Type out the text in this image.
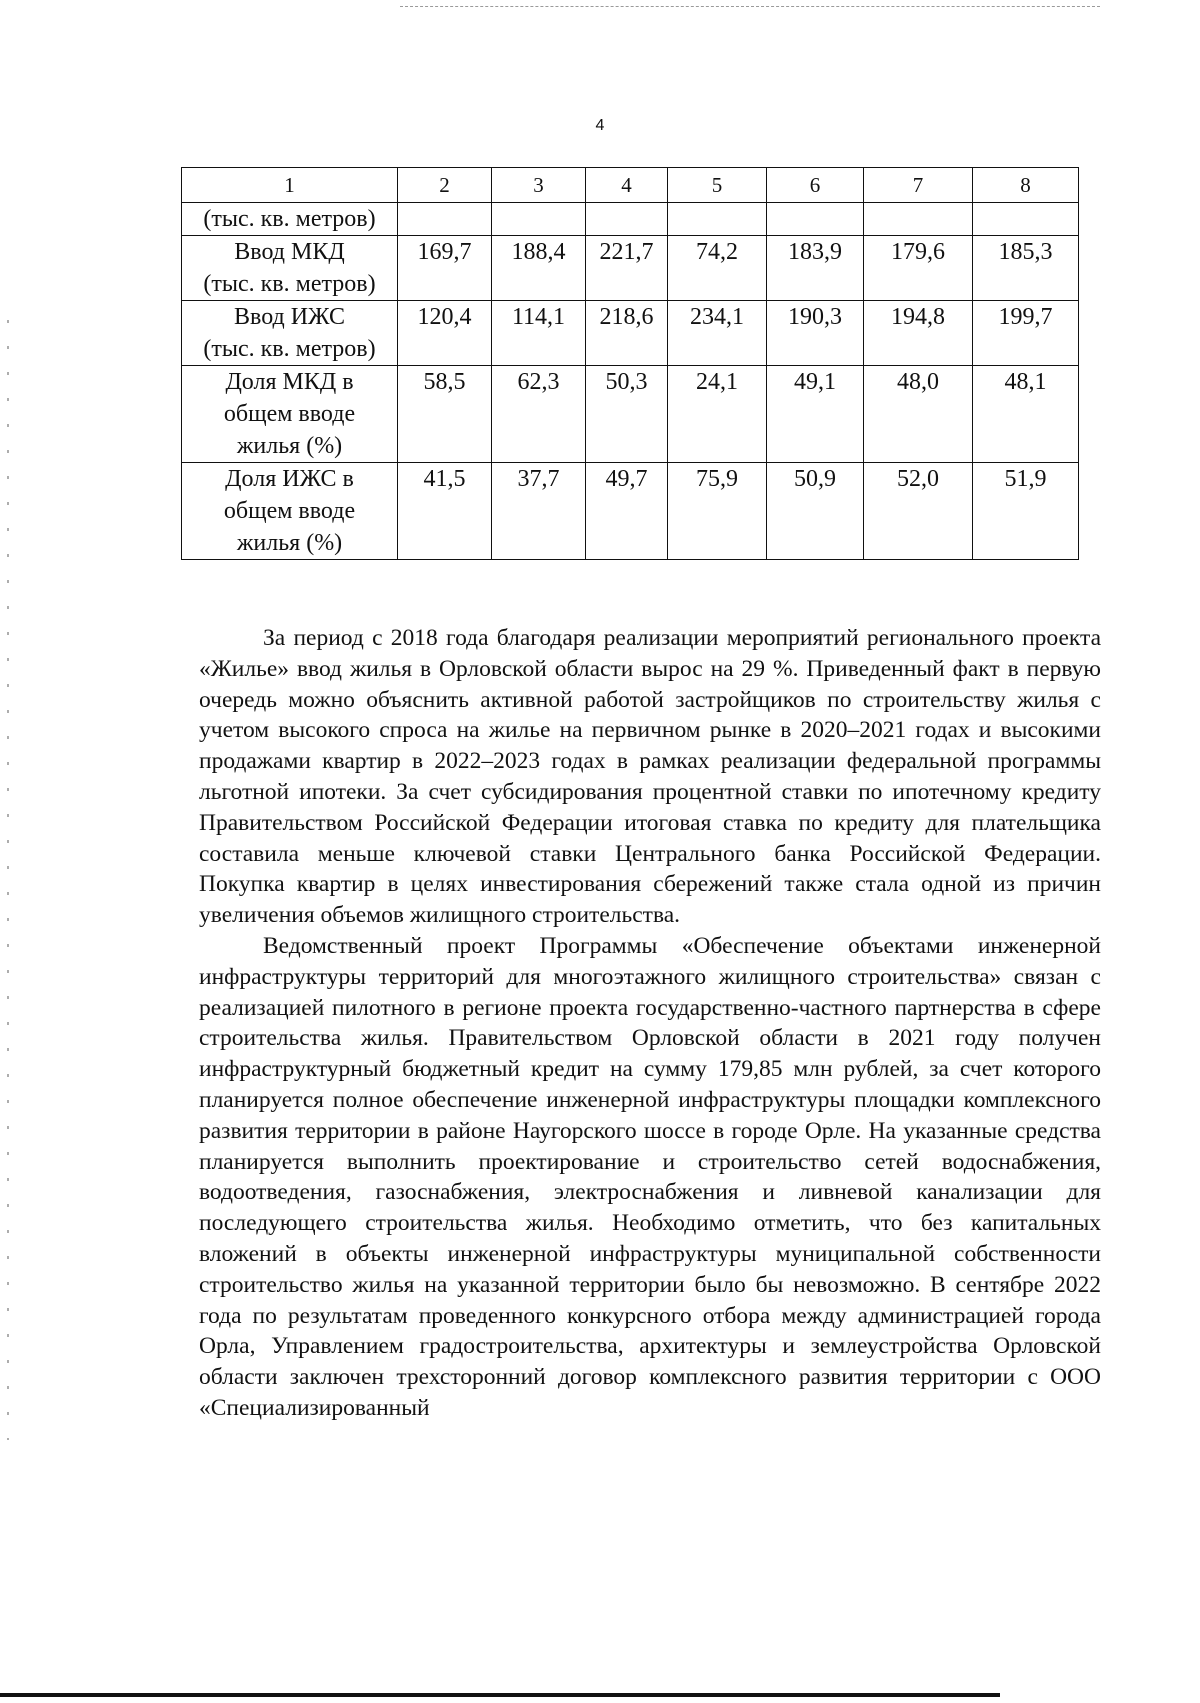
4
1	2	3	4	5	6	7	8
(тыс. кв. метров)							
Ввод МКД
(тыс. кв. метров)	169,7	188,4	221,7	74,2	183,9	179,6	185,3
Ввод ИЖС
(тыс. кв. метров)	120,4	114,1	218,6	234,1	190,3	194,8	199,7
Доля МКД в
общем вводе
жилья (%)	58,5	62,3	50,3	24,1	49,1	48,0	48,1
Доля ИЖС в
общем вводе
жилья (%)	41,5	37,7	49,7	75,9	50,9	52,0	51,9

За период с 2018 года благодаря реализации мероприятий регионального проекта «Жилье» ввод жилья в Орловской области вырос на 29 %. Приведенный факт в первую очередь можно объяснить активной работой застройщиков по строительству жилья с учетом высокого спроса на жилье на первичном рынке в 2020–2021 годах и высокими продажами квартир в 2022–2023 годах в рамках реализации федеральной программы льготной ипотеки. За счет субсидирования процентной ставки по ипотечному кредиту Правительством Российской Федерации итоговая ставка по кредиту для плательщика составила меньше ключевой ставки Центрального банка Российской Федерации. Покупка квартир в целях инвестирования сбережений также стала одной из причин увеличения объемов жилищного строительства.

Ведомственный проект Программы «Обеспечение объектами инженерной инфраструктуры территорий для многоэтажного жилищного строительства» связан с реализацией пилотного в регионе проекта государственно-частного партнерства в сфере строительства жилья. Правительством Орловской области в 2021 году получен инфраструктурный бюджетный кредит на сумму 179,85 млн рублей, за счет которого планируется полное обеспечение инженерной инфраструктуры площадки комплексного развития территории в районе Наугорского шоссе в городе Орле. На указанные средства планируется выполнить проектирование и строительство сетей водоснабжения, водоотведения, газоснабжения, электроснабжения и ливневой канализации для последующего строительства жилья. Необходимо отметить, что без капитальных вложений в объекты инженерной инфраструктуры муниципальной собственности строительство жилья на указанной территории было бы невозможно. В сентябре 2022 года по результатам проведенного конкурсного отбора между администрацией города Орла, Управлением градостроительства, архитектуры и землеустройства Орловской области заключен трехсторонний договор комплексного развития территории с ООО «Специализированный
